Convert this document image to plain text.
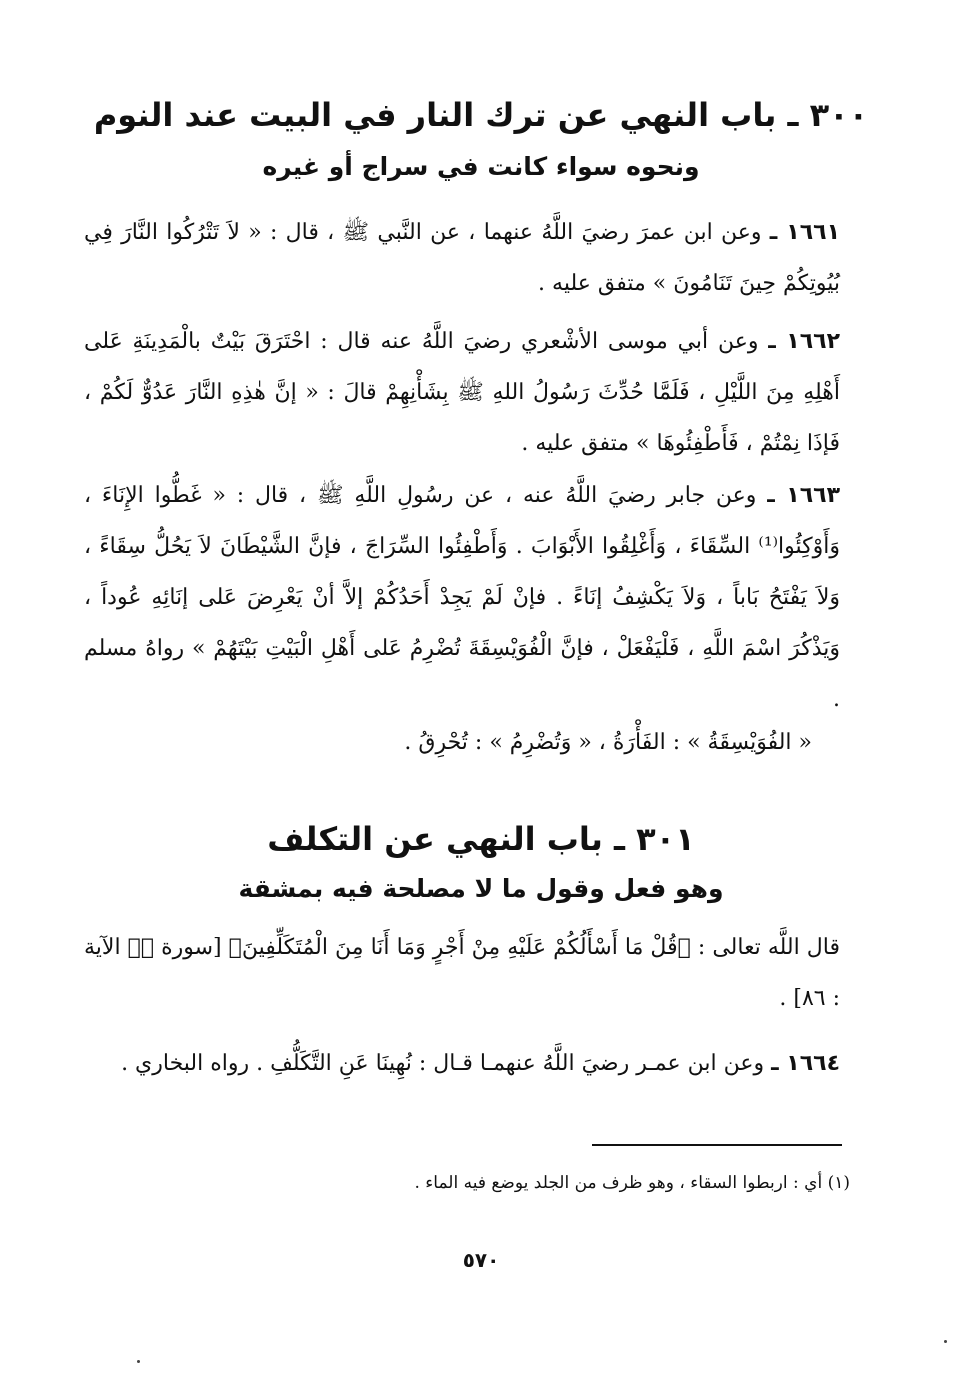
٣٠٠ ـ باب النهي عن ترك النار في البيت عند النوم
ونحوه سواء كانت في سراج أو غيره
١٦٦١ ـ وعن ابن عمرَ رضيَ اللَّهُ عنهما ، عن النَّبي ﷺ ، قال : « لاَ تَتْرُكُوا النَّارَ فِي بُيُوتِكُمْ حِينَ تَنَامُونَ » متفق عليه .
١٦٦٢ ـ وعن أبي موسى الأشْعري رضيَ اللَّهُ عنه قال : احْتَرَقَ بَيْتٌ بالْمَدِينَةِ عَلى أَهْلِهِ مِنَ اللَّيْلِ ، فَلَمَّا حُدِّثَ رَسُولُ اللهِ ﷺ بِشَأْنِهِمْ قالَ : « إنَّ هٰذِهِ النَّارَ عَدُوٌّ لَكُمْ ، فَإذَا نِمْتُمْ ، فَأَطْفِئُوهَا » متفق عليه .
١٦٦٣ ـ وعن جابر رضيَ اللَّهُ عنه ، عن رسُولِ اللَّهِ ﷺ ، قال : « غَطُّوا الإِنَاءَ ، وَأَوْكِئُوا⁽¹⁾ السِّقَاءَ ، وَأَغْلِقُوا الأَبْوَابَ . وَأَطْفِئُوا السِّرَاجَ ، فإنَّ الشَّيْطَانَ لاَ يَحُلُّ سِقَاءً ، وَلاَ يَفْتَحُ بَاباً ، وَلاَ يَكْشِفُ إنَاءً . فإنْ لَمْ يَجِدْ أَحَدُكُمْ إلاَّ أنْ يَعْرِضَ عَلى إنَائِهِ عُوداً ، وَيَذْكُرَ اسْمَ اللَّهِ ، فَلْيَفْعَلْ ، فإنَّ الْفُوَيْسِقَةَ تُضْرِمُ عَلى أَهْلِ الْبَيْتِ بَيْتَهُمْ » رواهُ مسلم .
« الفُوَيْسِقَةُ » : الفَأْرَةُ ، « وَتُضْرِمُ » : تُحْرِقُ .
٣٠١ ـ باب النهي عن التكلف
وهو فعل وقول ما لا مصلحة فيه بمشقة
قال اللَّه تعالى : ﴿قُلْ مَا أَسْأَلُكُمْ عَلَيْهِ مِنْ أَجْرٍ وَمَا أَنَا مِنَ الْمُتَكَلِّفِينَ﴾ [سورة صۤ الآية : ٨٦] .
١٦٦٤ ـ وعن ابن عمـر رضيَ اللَّهُ عنهمـا قـال : نُهِينَا عَنِ التَّكَلُّفِ . رواه البخاري .
(١) أي : اربطوا السقاء ، وهو ظرف من الجلد يوضع فيه الماء .
٥٧٠
